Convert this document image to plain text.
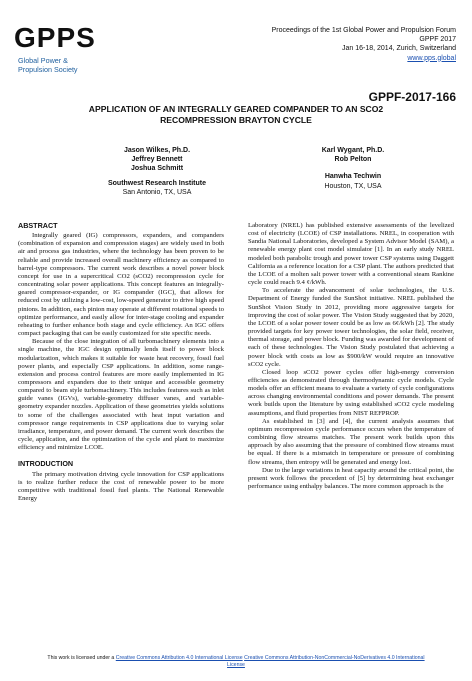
GPPS
Global Power &
Propulsion Society
Proceedings of the 1st Global Power and Propulsion Forum
GPPF 2017
Jan 16-18, 2014, Zurich, Switzerland
www.pps.global
GPPF-2017-166
APPLICATION OF AN INTEGRALLY GEARED COMPANDER TO AN SCO2
RECOMPRESSION BRAYTON CYCLE
Jason Wilkes, Ph.D.
Jeffrey Bennett
Joshua Schmitt
Southwest Research Institute
San Antonio, TX, USA
Karl Wygant, Ph.D.
Rob Pelton
Hanwha Techwin
Houston, TX, USA
ABSTRACT

Integrally geared (IG) compressors, expanders, and companders (combination of expansion and compression stages) are widely used in both air and process gas industries, where the technology has been proven to be reliable and provide increased overall machinery efficiency as compared to barrel-type compressors. The current work describes a novel power block concept for use in a supercritical CO2 (sCO2) recompression cycle for concentrating solar power applications. This concept features an integrally-geared compressor-expander, or IG compander (IGC), that allows for reduced cost by utilizing a low-cost, low-speed generator to drive high speed pinions. In addition, each pinion may operate at different rotational speeds to optimize performance, and easily allow for inter-stage cooling and expander reheating to further enhance both stage and cycle efficiency. An IGC offers compact packaging that can be easily customized for site specific needs.

Because of the close integration of all turbomachinery elements into a single machine, the IGC design optimally lends itself to power block modularization, which makes it suitable for waste heat recovery, fossil fuel power plants, and especially CSP applications. In addition, some range-extension and process control features are more easily implemented in IG compressors and expanders due to their unique and accessible geometry compared to beam style turbomachinery. This includes features such as inlet guide vanes (IGVs), variable-geometry diffuser vanes, and variable-geometry expander nozzles. Application of these geometries yields solutions to some of the challenges associated with heat input variation and compressor range requirements in CSP applications due to varying solar irradiance, temperature, and power demand. The current work describes the cycle, application, and the optimization of the cycle and plant to maximize efficiency and minimize LCOE.

INTRODUCTION

The primary motivation driving cycle innovation for CSP applications is to realize further reduce the cost of renewable power to be more competitive with traditional fossil fuel plants. The National Renewable Energy

Laboratory (NREL) has published extensive assessments of the levelized cost of electricity (LCOE) of CSP installations. NREL, in cooperation with Sandia National Laboratories, developed a System Advisor Model (SAM), a renewable energy plant cost model simulator [1]. In an early study NREL modeled both parabolic trough and power tower CSP systems using Daggett California as a reference location for a CSP plant. The authors predicted that the LCOE of a molten salt power tower with a conventional steam Rankine cycle could reach 9.4 ¢/kWh.

To accelerate the advancement of solar technologies, the U.S. Department of Energy funded the SunShot initiative. NREL published the SunShot Vision Study in 2012, providing more aggressive targets for improving the cost of solar power. The Vision Study suggested that by 2020, the LCOE of a solar power tower could be as low as 6¢/kWh [2]. The study provided targets for key power tower technologies, the solar field, receiver, thermal storage, and power block. Funding was awarded for development of each of these technologies. The Vision Study postulated that achieving a power block with costs as low as $900/kW would require an innovative sCO2 cycle.

Closed loop sCO2 power cycles offer high-energy conversion efficiencies as demonstrated through thermodynamic cycle models. Cycle models offer an efficient means to evaluate a variety of cycle configurations across changing environmental conditions and power demands. The present work builds upon the literature by using established sCO2 cycle modeling assumptions, and fluid properties from NIST REFPROP.

As established in [3] and [4], the current analysis assumes that optimum recompression cycle performance occurs when the temperature of combining flow streams matches. The present work builds upon this approach by also assuming that the pressure of combined flow streams must be equal. If there is a mismatch in temperature or pressure of combining flow streams, then entropy will be generated and energy lost.

Due to the large variations in heat capacity around the critical point, the present work follows the precedent of [5] by determining heat exchanger performance using enthalpy balances. The more common approach is the

This work is licensed under a Creative Commons Attribution 4.0 International License Creative Commons Attribution-NonCommercial-NoDerivatives 4.0 International License
